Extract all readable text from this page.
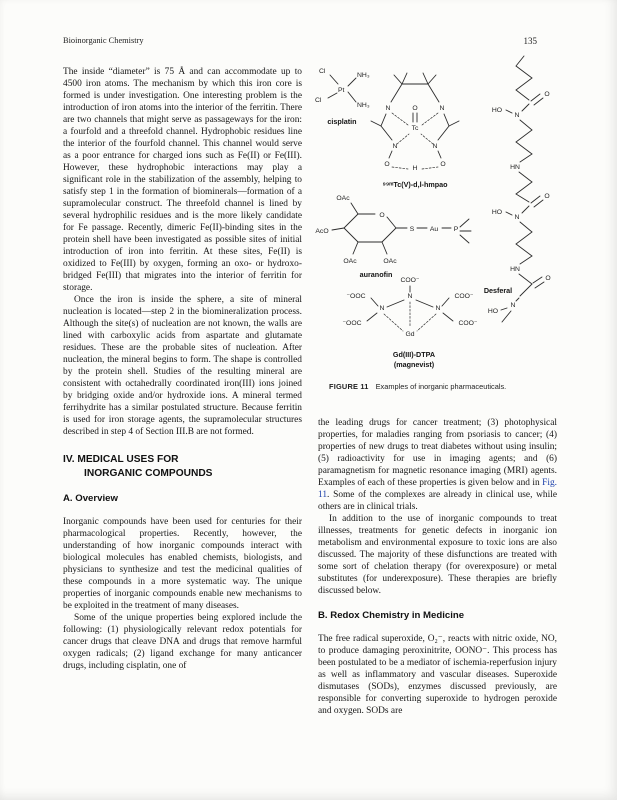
Bioinorganic Chemistry	135

The inside “diameter” is 75 Å and can accommodate up to 4500 iron atoms. The mechanism by which this iron core is formed is under investigation. One interesting problem is the introduction of iron atoms into the interior of the ferritin. There are two channels that might serve as passageways for the iron: a fourfold and a threefold channel. Hydrophobic residues line the interior of the fourfold channel. This channel would serve as a poor entrance for charged ions such as Fe(II) or Fe(III). However, these hydrophobic interactions may play a significant role in the stabilization of the assembly, helping to satisfy step 1 in the formation of biominerals—formation of a supramolecular construct. The threefold channel is lined by several hydrophilic residues and is the more likely candidate for Fe passage. Recently, dimeric Fe(II)-binding sites in the protein shell have been investigated as possible sites of initial introduction of iron into ferritin. At these sites, Fe(II) is oxidized to Fe(III) by oxygen, forming an oxo- or hydroxo-bridged Fe(III) that migrates into the interior of ferritin for storage.

Once the iron is inside the sphere, a site of mineral nucleation is located—step 2 in the biomineralization process. Although the site(s) of nucleation are not known, the walls are lined with carboxylic acids from aspartate and glutamate residues. These are the probable sites of nucleation. After nucleation, the mineral begins to form. The shape is controlled by the protein shell. Studies of the resulting mineral are consistent with octahedrally coordinated iron(III) ions joined by bridging oxide and/or hydroxide ions. A mineral termed ferrihydrite has a similar postulated structure. Because ferritin is used for iron storage agents, the supramolecular structures described in step 4 of Section III.B are not formed.

IV. MEDICAL USES FOR
INORGANIC COMPOUNDS
A. Overview

Inorganic compounds have been used for centuries for their pharmacological properties. Recently, however, the understanding of how inorganic compounds interact with biological molecules has enabled chemists, biologists, and physicians to synthesize and test the medicinal qualities of these compounds in a more systematic way. The unique properties of inorganic compounds enable new mechanisms to be exploited in the treatment of many diseases.

Some of the unique properties being explored include the following: (1) physiologically relevant redox potentials for cancer drugs that cleave DNA and drugs that remove harmful oxygen radicals; (2) ligand exchange for many anticancer drugs, including cisplatin, one of

Cl
Cl
Pt
NH₃
NH₃
cisplatin
O
Tc
N	N
N	N
O	O
H
⁹⁹ᵐTc(V)-d,l-hmpao
O
OAc
AcO
OAc	OAc
S Au P
auranofin
O
HO
N
HN
O
HO
N
HN
O
N
HO
Desferal
COO⁻
⁻OOC
⁻OOC
COO⁻
COO⁻
N
N
N
Gd
Gd(III)-DTPA
(magnevist)
FIGURE 11 Examples of inorganic pharmaceuticals.

the leading drugs for cancer treatment; (3) photophysical properties, for maladies ranging from psoriasis to cancer; (4) properties of new drugs to treat diabetes without using insulin; (5) radioactivity for use in imaging agents; and (6) paramagnetism for magnetic resonance imaging (MRI) agents. Examples of each of these properties is given below and in Fig. 11. Some of the complexes are already in clinical use, while others are in clinical trials.

In addition to the use of inorganic compounds to treat illnesses, treatments for genetic defects in inorganic ion metabolism and environmental exposure to toxic ions are also discussed. The majority of these disfunctions are treated with some sort of chelation therapy (for overexposure) or metal substitutes (for underexposure). These therapies are briefly discussed below.

B. Redox Chemistry in Medicine

The free radical superoxide, O₂⁻, reacts with nitric oxide, NO, to produce damaging peroxinitrite, OONO⁻. This process has been postulated to be a mediator of ischemia-reperfusion injury as well as inflammatory and vascular diseases. Superoxide dismutases (SODs), enzymes discussed previously, are responsible for converting superoxide to hydrogen peroxide and oxygen. SODs are
